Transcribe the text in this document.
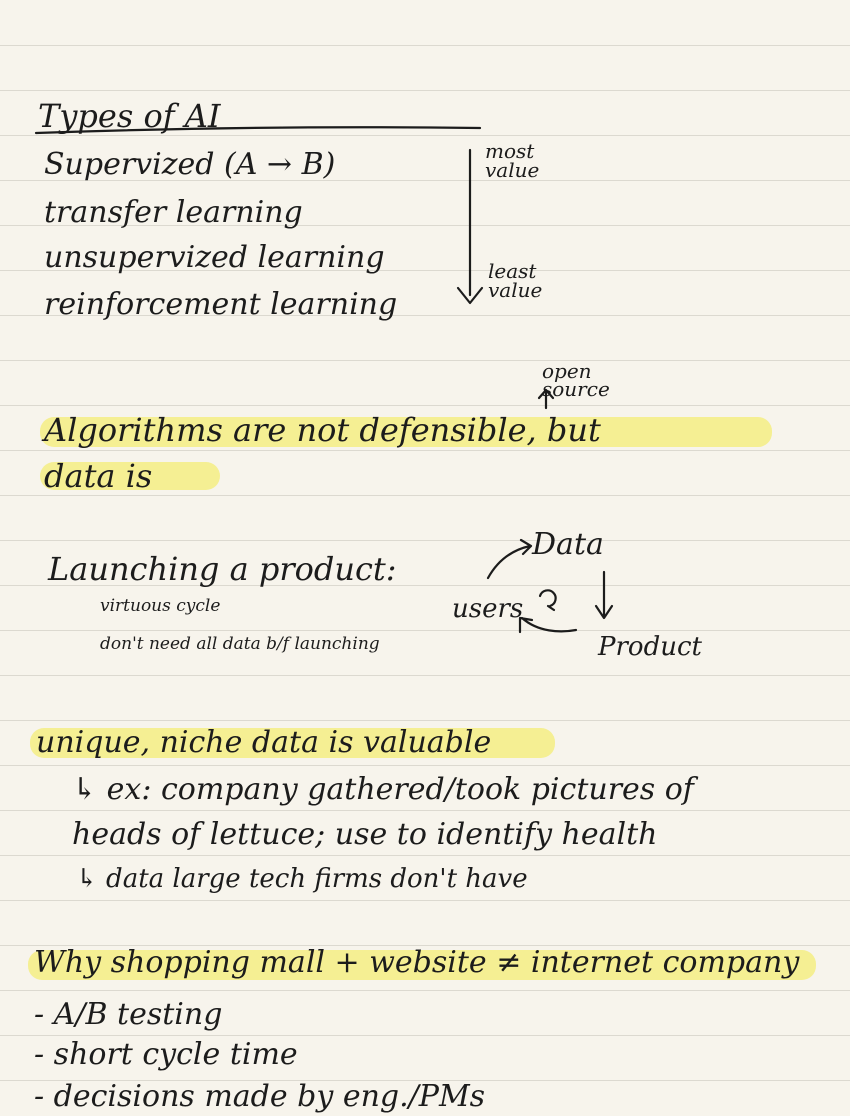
Types of AI
Supervized (A → B)
transfer learning
unsupervized learning
reinforcement learning
most value
least value
open source
Algorithms are not defensible, but
data is
Launching a product:
virtuous cycle
don't need all data b/f launching
Data
users
Product
unique, niche data is valuable
↳ ex: company gathered/took pictures of
heads of lettuce; use to identify health
↳ data large tech firms don't have
Why shopping mall + website ≠ internet company
- A/B testing
- short cycle time
- decisions made by eng./PMs
